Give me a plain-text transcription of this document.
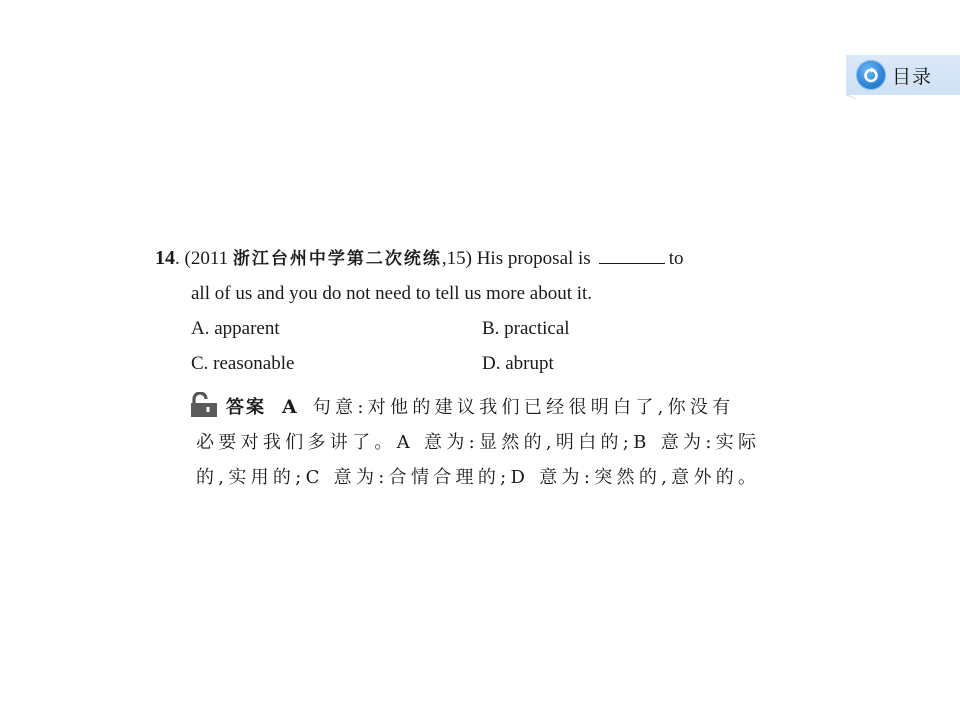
目录
14. (2011 浙江台州中学第二次统练,15) His proposal is	to
all of us and you do not need to tell us more about it.
A. apparent	B. practical
C. reasonable	D. abrupt
答案 A 句意:对他的建议我们已经很明白了,你没有
必要对我们多讲了。A 意为:显然的,明白的;B 意为:实际
的,实用的;C 意为:合情合理的;D 意为:突然的,意外的。
